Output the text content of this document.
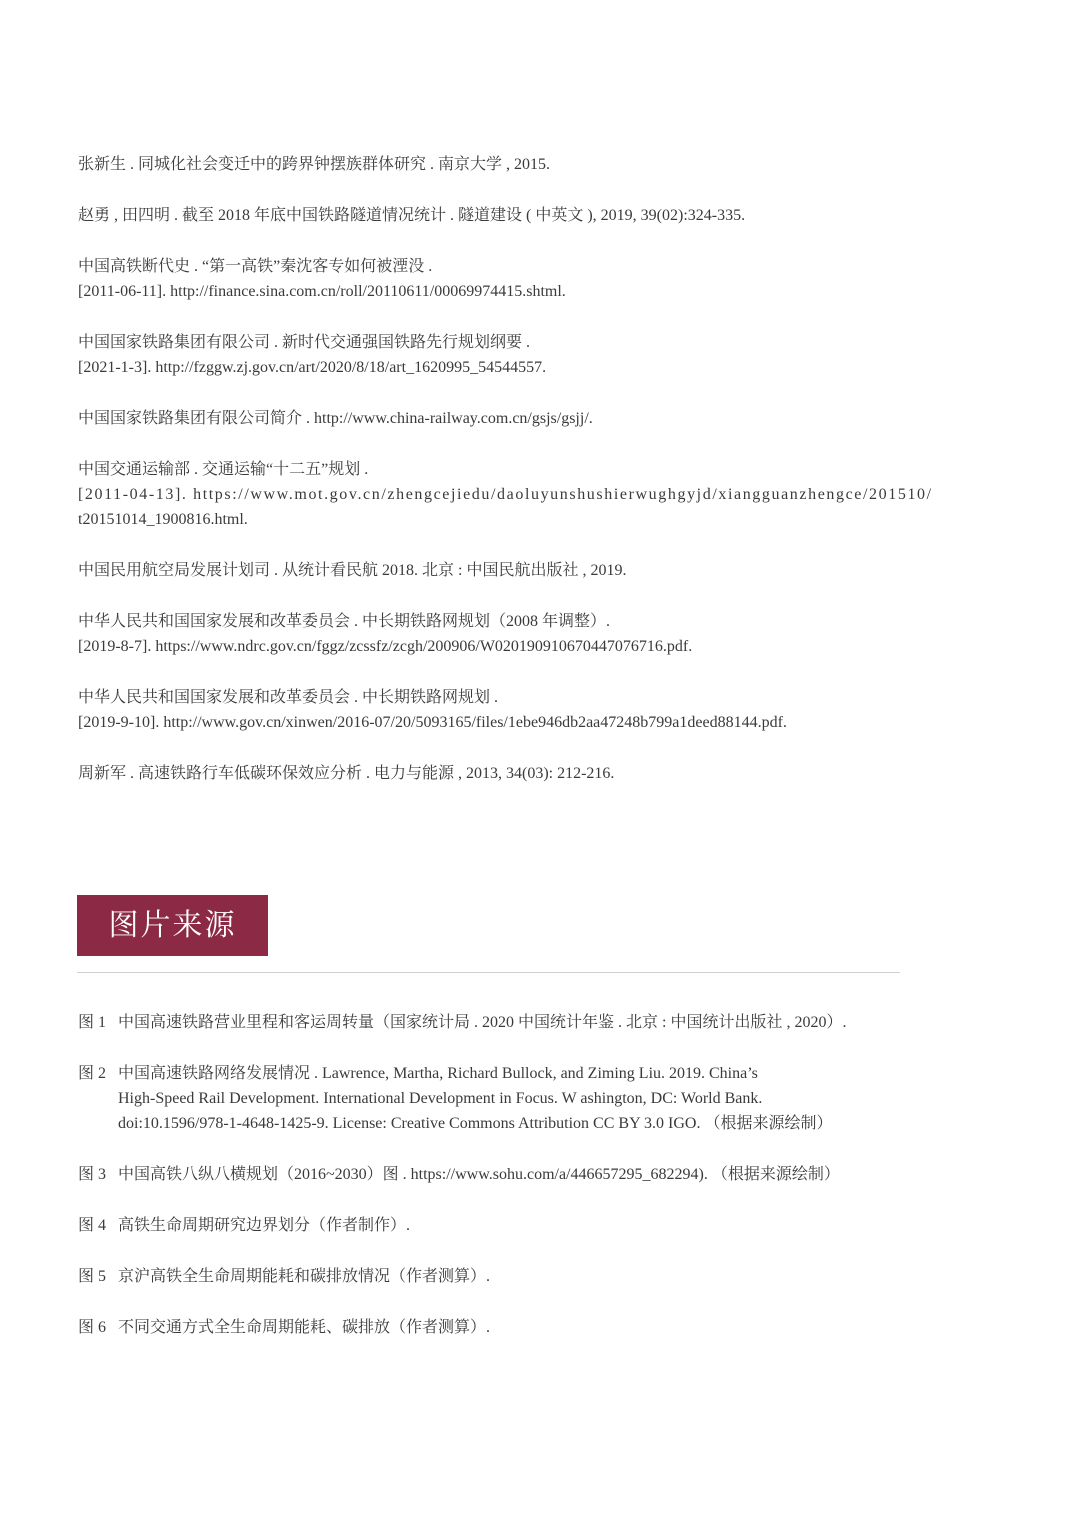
张新生 . 同城化社会变迁中的跨界钟摆族群体研究 . 南京大学 , 2015.
赵勇 , 田四明 . 截至 2018 年底中国铁路隧道情况统计 . 隧道建设 ( 中英文 ), 2019, 39(02):324-335.
中国高铁断代史 . “第一高铁”秦沈客专如何被湮没 .
[2011-06-11]. http://finance.sina.com.cn/roll/20110611/00069974415.shtml.
中国国家铁路集团有限公司 . 新时代交通强国铁路先行规划纲要 .
[2021-1-3]. http://fzggw.zj.gov.cn/art/2020/8/18/art_1620995_54544557.
中国国家铁路集团有限公司简介 . http://www.china-railway.com.cn/gsjs/gsjj/.
中国交通运输部 . 交通运输“十二五”规划 .
[2011-04-13]. https://www.mot.gov.cn/zhengcejiedu/daoluyunshushierwughgyjd/xiangguanzhengce/201510/
t20151014_1900816.html.
中国民用航空局发展计划司 . 从统计看民航 2018. 北京 : 中国民航出版社 , 2019.
中华人民共和国国家发展和改革委员会 . 中长期铁路网规划（2008 年调整）.
[2019-8-7]. https://www.ndrc.gov.cn/fggz/zcssfz/zcgh/200906/W020190910670447076716.pdf.
中华人民共和国国家发展和改革委员会 . 中长期铁路网规划 .
[2019-9-10]. http://www.gov.cn/xinwen/2016-07/20/5093165/files/1ebe946db2aa47248b799a1deed88144.pdf.
周新军 . 高速铁路行车低碳环保效应分析 . 电力与能源 , 2013, 34(03): 212-216.
图片来源
图 1 中国高速铁路营业里程和客运周转量（国家统计局 . 2020 中国统计年鉴 . 北京 : 中国统计出版社 , 2020）.
图 2 中国高速铁路网络发展情况 . Lawrence, Martha, Richard Bullock, and Ziming Liu. 2019. China’s
High-Speed Rail Development. International Development in Focus. W ashington, DC: World Bank.
doi:10.1596/978-1-4648-1425-9. License: Creative Commons Attribution CC BY 3.0 IGO. （根据来源绘制）
图 3 中国高铁八纵八横规划（2016~2030）图 . https://www.sohu.com/a/446657295_682294). （根据来源绘制）
图 4 高铁生命周期研究边界划分（作者制作）.
图 5 京沪高铁全生命周期能耗和碳排放情况（作者测算）.
图 6 不同交通方式全生命周期能耗、碳排放（作者测算）.
